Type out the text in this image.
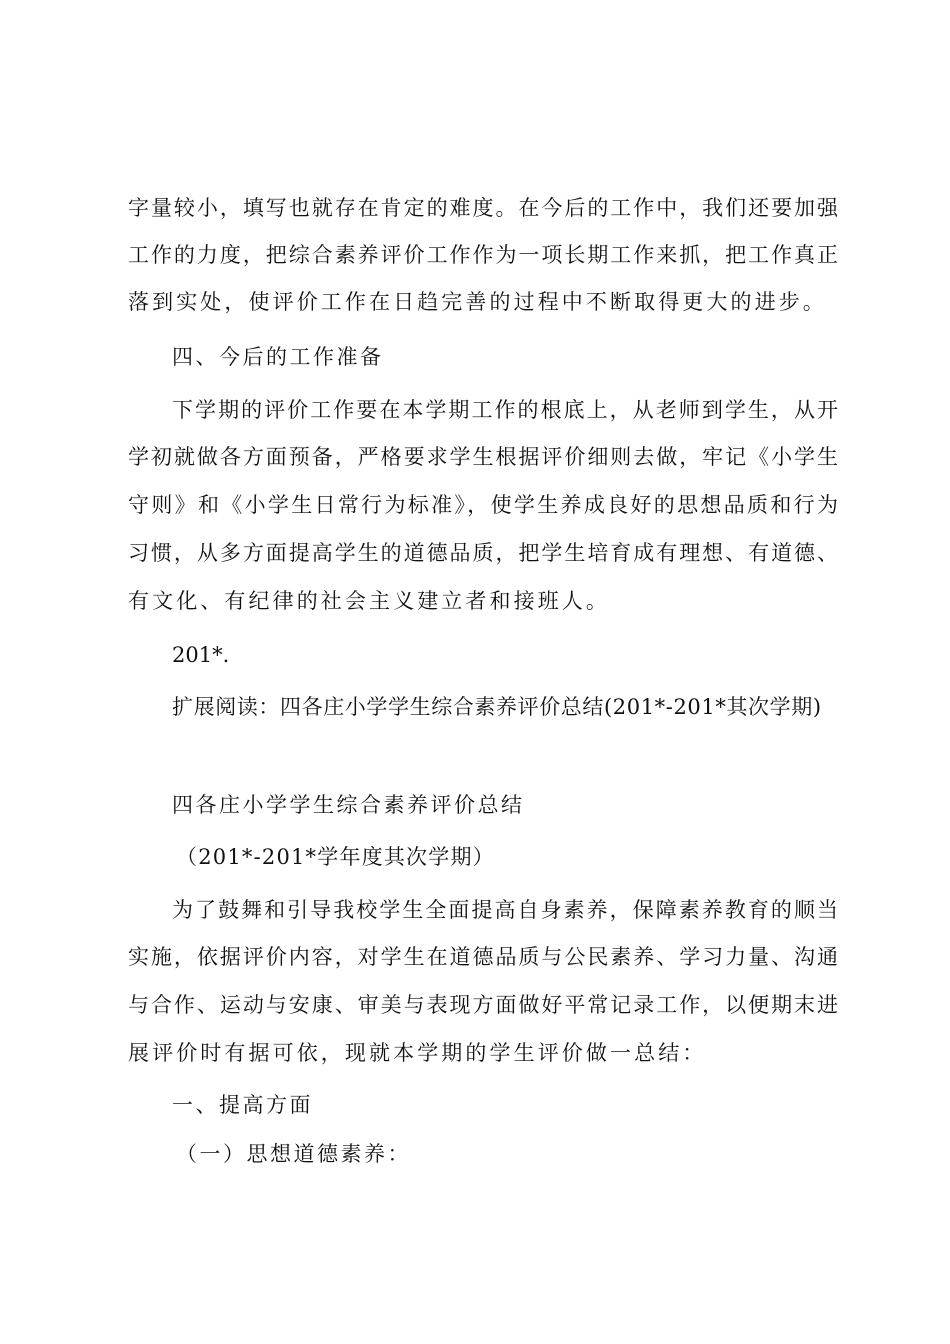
字量较小，填写也就存在肯定的难度。在今后的工作中，我们还要加强
工作的力度，把综合素养评价工作作为一项长期工作来抓，把工作真正
落到实处，使评价工作在日趋完善的过程中不断取得更大的进步。
四、今后的工作准备
下学期的评价工作要在本学期工作的根底上，从老师到学生，从开
学初就做各方面预备，严格要求学生根据评价细则去做，牢记《小学生
守则》和《小学生日常行为标准》，使学生养成良好的思想品质和行为
习惯，从多方面提高学生的道德品质，把学生培育成有理想、有道德、
有文化、有纪律的社会主义建立者和接班人。
201*.
扩展阅读：四各庄小学学生综合素养评价总结(201*-201*其次学期)
四各庄小学学生综合素养评价总结
（201*-201*学年度其次学期）
为了鼓舞和引导我校学生全面提高自身素养，保障素养教育的顺当
实施，依据评价内容，对学生在道德品质与公民素养、学习力量、沟通
与合作、运动与安康、审美与表现方面做好平常记录工作，以便期末进
展评价时有据可依，现就本学期的学生评价做一总结：
一、提高方面
（一）思想道德素养：
